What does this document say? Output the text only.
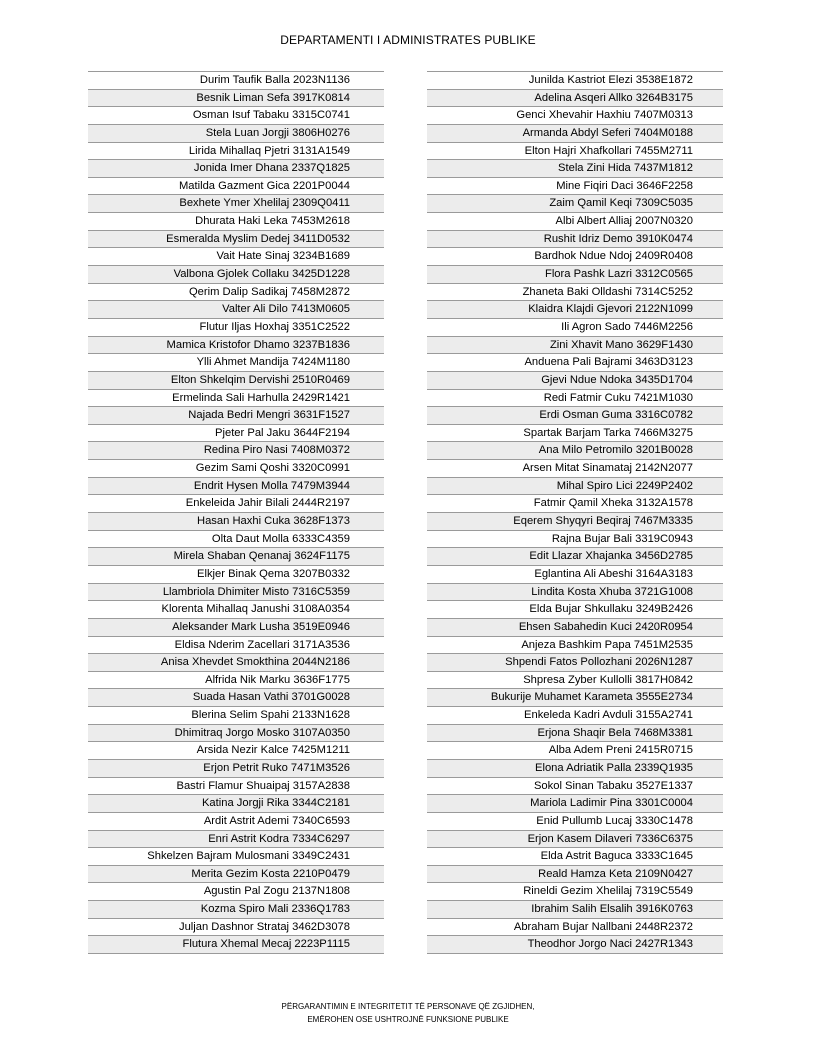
DEPARTAMENTI I ADMINISTRATES PUBLIKE
Durim Taufik Balla 2023N1136
Besnik Liman Sefa 3917K0814
Osman Isuf Tabaku 3315C0741
Stela Luan Jorgji 3806H0276
Lirida Mihallaq Pjetri 3131A1549
Jonida Imer Dhana 2337Q1825
Matilda Gazment Gica 2201P0044
Bexhete Ymer Xhelilaj 2309Q0411
Dhurata Haki Leka 7453M2618
Esmeralda Myslim Dedej 3411D0532
Vait Hate Sinaj 3234B1689
Valbona Gjolek Collaku 3425D1228
Qerim Dalip Sadikaj 7458M2872
Valter Ali Dilo 7413M0605
Flutur Iljas Hoxhaj 3351C2522
Mamica Kristofor Dhamo 3237B1836
Ylli Ahmet Mandija 7424M1180
Elton Shkelqim Dervishi 2510R0469
Ermelinda Sali Harhulla 2429R1421
Najada Bedri Mengri 3631F1527
Pjeter Pal Jaku 3644F2194
Redina Piro Nasi 7408M0372
Gezim Sami Qoshi 3320C0991
Endrit Hysen Molla 7479M3944
Enkeleida Jahir Bilali 2444R2197
Hasan Haxhi Cuka 3628F1373
Olta Daut Molla 6333C4359
Mirela Shaban Qenanaj 3624F1175
Elkjer Binak Qema 3207B0332
Llambriola Dhimiter Misto 7316C5359
Klorenta Mihallaq Janushi 3108A0354
Aleksander Mark Lusha 3519E0946
Eldisa Nderim Zacellari 3171A3536
Anisa Xhevdet Smokthina 2044N2186
Alfrida Nik Marku 3636F1775
Suada Hasan Vathi 3701G0028
Blerina Selim Spahi 2133N1628
Dhimitraq Jorgo Mosko 3107A0350
Arsida Nezir Kalce 7425M1211
Erjon Petrit Ruko 7471M3526
Bastri Flamur Shuaipaj 3157A2838
Katina Jorgji Rika 3344C2181
Ardit Astrit Ademi 7340C6593
Enri Astrit Kodra 7334C6297
Shkelzen Bajram Mulosmani 3349C2431
Merita Gezim Kosta 2210P0479
Agustin Pal Zogu 2137N1808
Kozma Spiro Mali 2336Q1783
Juljan Dashnor Strataj 3462D3078
Flutura Xhemal Mecaj 2223P1115
Junilda Kastriot Elezi 3538E1872
Adelina Asqeri Allko 3264B3175
Genci Xhevahir Haxhiu 7407M0313
Armanda Abdyl Seferi 7404M0188
Elton Hajri Xhafkollari 7455M2711
Stela Zini Hida 7437M1812
Mine Fiqiri Daci 3646F2258
Zaim Qamil Keqi 7309C5035
Albi Albert Alliaj 2007N0320
Rushit Idriz Demo 3910K0474
Bardhok Ndue Ndoj 2409R0408
Flora Pashk Lazri 3312C0565
Zhaneta Baki Olldashi 7314C5252
Klaidra Klajdi Gjevori 2122N1099
Ili Agron Sado 7446M2256
Zini Xhavit Mano 3629F1430
Anduena Pali Bajrami 3463D3123
Gjevi Ndue Ndoka 3435D1704
Redi Fatmir Cuku 7421M1030
Erdi Osman Guma 3316C0782
Spartak Barjam Tarka 7466M3275
Ana Milo Petromilo 3201B0028
Arsen Mitat Sinamataj 2142N2077
Mihal Spiro Lici 2249P2402
Fatmir Qamil Xheka 3132A1578
Eqerem Shyqyri Beqiraj 7467M3335
Rajna Bujar Bali 3319C0943
Edit Llazar Xhajanka 3456D2785
Eglantina Ali Abeshi 3164A3183
Lindita Kosta Xhuba 3721G1008
Elda Bujar Shkullaku 3249B2426
Ehsen Sabahedin Kuci 2420R0954
Anjeza Bashkim Papa 7451M2535
Shpendi Fatos Pollozhani 2026N1287
Shpresa Zyber Kullolli 3817H0842
Bukurije Muhamet Karameta 3555E2734
Enkeleda Kadri Avduli 3155A2741
Erjona Shaqir Bela 7468M3381
Alba Adem Preni 2415R0715
Elona Adriatik Palla 2339Q1935
Sokol Sinan Tabaku 3527E1337
Mariola Ladimir Pina 3301C0004
Enid Pullumb Lucaj 3330C1478
Erjon Kasem Dilaveri 7336C6375
Elda Astrit Baguca 3333C1645
Reald Hamza Keta 2109N0427
Rineldi Gezim Xhelilaj 7319C5549
Ibrahim Salih Elsalih 3916K0763
Abraham Bujar Nallbani 2448R2372
Theodhor Jorgo Naci 2427R1343
PËRGARANTIMIN E INTEGRITETIT TË PERSONAVE QË ZGJIDHEN,
EMËROHEN OSE USHTROJNË FUNKSIONE PUBLIKE
